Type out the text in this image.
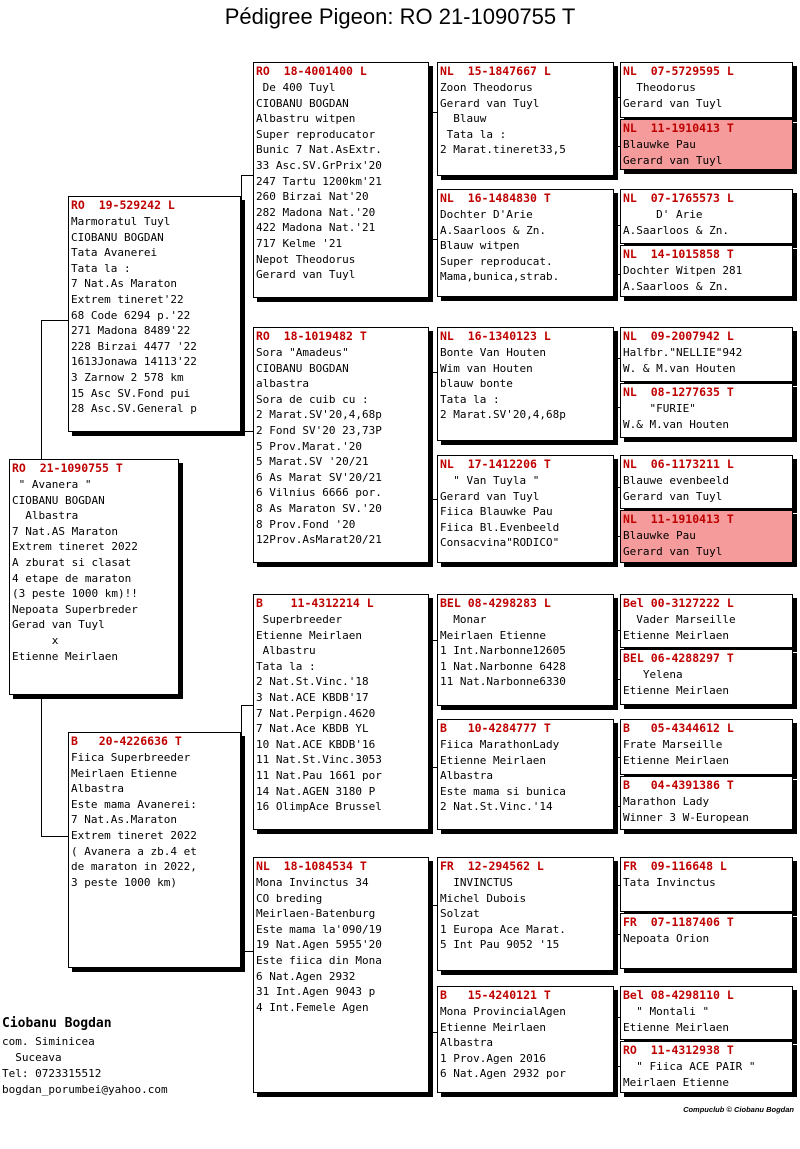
Pédigree Pigeon: RO 21-1090755 T
RO  21-1090755 T
" Avanera "
CIOBANU BOGDAN
Albastra
7 Nat.AS Maraton
Extrem tineret 2022
A zburat si clasat
4 etape de maraton
(3 peste 1000 km)!!
Nepoata Superbreder
Gerad van Tuyl
x
Etienne Meirlaen
RO  19-529242 L
Marmoratul Tuyl
CIOBANU BOGDAN
Tata Avanerei
Tata la :
7 Nat.As Maraton
Extrem tineret'22
68 Code 6294 p.'22
271 Madona 8489'22
228 Birzai 4477 '22
1613Jonawa 14113'22
3 Zarnow 2 578 km
15 Asc SV.Fond pui
28 Asc.SV.General p
B   20-4226636 T
Fiica Superbreeder
Meirlaen Etienne
Albastra
Este mama Avanerei:
7 Nat.As.Maraton
Extrem tineret 2022
( Avanera a zb.4 et
de maraton in 2022,
3 peste 1000 km)
RO  18-4001400 L
De 400 Tuyl
CIOBANU BOGDAN
Albastru witpen
Super reproducator
Bunic 7 Nat.AsExtr.
33 Asc.SV.GrPrix'20
247 Tartu 1200km'21
260 Birzai Nat'20
282 Madona Nat.'20
422 Madona Nat.'21
717 Kelme '21
Nepot Theodorus
Gerard van Tuyl
RO  18-1019482 T
Sora "Amadeus"
CIOBANU BOGDAN
albastra
Sora de cuib cu :
2 Marat.SV'20,4,68p
2 Fond SV'20 23,73P
5 Prov.Marat.'20
5 Marat.SV '20/21
6 As Marat SV'20/21
6 Vilnius 6666 por.
8 As Maraton SV.'20
8 Prov.Fond '20
12Prov.AsMarat20/21
B    11-4312214 L
Superbreeder
Etienne Meirlaen
Albastru
Tata la :
2 Nat.St.Vinc.'18
3 Nat.ACE KBDB'17
7 Nat.Perpign.4620
7 Nat.Ace KBDB YL
10 Nat.ACE KBDB'16
11 Nat.St.Vinc.3053
11 Nat.Pau 1661 por
14 Nat.AGEN 3180 P
16 OlimpAce Brussel
NL  18-1084534 T
Mona Invinctus 34
CO breding
Meirlaen-Batenburg
Este mama la'090/19
19 Nat.Agen 5955'20
Este fiica din Mona
6 Nat.Agen 2932
31 Int.Agen 9043 p
4 Int.Femele Agen
NL  15-1847667 L
Zoon Theodorus
Gerard van Tuyl
Blauw
Tata la :
2 Marat.tineret33,5
NL  16-1484830 T
Dochter D'Arie
A.Saarloos & Zn.
Blauw witpen
Super reproducat.
Mama,bunica,strab.
NL  16-1340123 L
Bonte Van Houten
Wim van Houten
blauw bonte
Tata la :
2 Marat.SV'20,4,68p
NL  17-1412206 T
" Van Tuyla "
Gerard van Tuyl
Fiica Blauwke Pau
Fiica Bl.Evenbeeld
Consacvina"RODICO"
BEL 08-4298283 L
Monar
Meirlaen Etienne
1 Int.Narbonne12605
1 Nat.Narbonne 6428
11 Nat.Narbonne6330
B   10-4284777 T
Fiica MarathonLady
Etienne Meirlaen
Albastra
Este mama si bunica
2 Nat.St.Vinc.'14
FR  12-294562 L
INVINCTUS
Michel Dubois
Solzat
1 Europa Ace Marat.
5 Int Pau 9052 '15
B   15-4240121 T
Mona ProvincialAgen
Etienne Meirlaen
Albastra
1 Prov.Agen 2016
6 Nat.Agen 2932 por
NL  07-5729595 L
Theodorus
Gerard van Tuyl
NL  11-1910413 T
Blauwke Pau
Gerard van Tuyl
NL  07-1765573 L
D' Arie
A.Saarloos & Zn.
NL  14-1015858 T
Dochter Witpen 281
A.Saarloos & Zn.
NL  09-2007942 L
Halfbr."NELLIE"942
W. & M.van Houten
NL  08-1277635 T
"FURIE"
W.& M.van Houten
NL  06-1173211 L
Blauwe evenbeeld
Gerard van Tuyl
NL  11-1910413 T
Blauwke Pau
Gerard van Tuyl
Bel 00-3127222 L
Vader Marseille
Etienne Meirlaen
BEL 06-4288297 T
Yelena
Etienne Meirlaen
B   05-4344612 L
Frate Marseille
Etienne Meirlaen
B   04-4391386 T
Marathon Lady
Winner 3 W-European
FR  09-116648 L
Tata Invinctus
FR  07-1187406 T
Nepoata Orion
Bel 08-4298110 L
" Montali "
Etienne Meirlaen
RO  11-4312938 T
" Fiica ACE PAIR "
Meirlaen Etienne
Ciobanu Bogdan
com. Siminicea
Suceava
Tel: 0723315512
bogdan_porumbei@yahoo.com
Compuclub © Ciobanu Bogdan
